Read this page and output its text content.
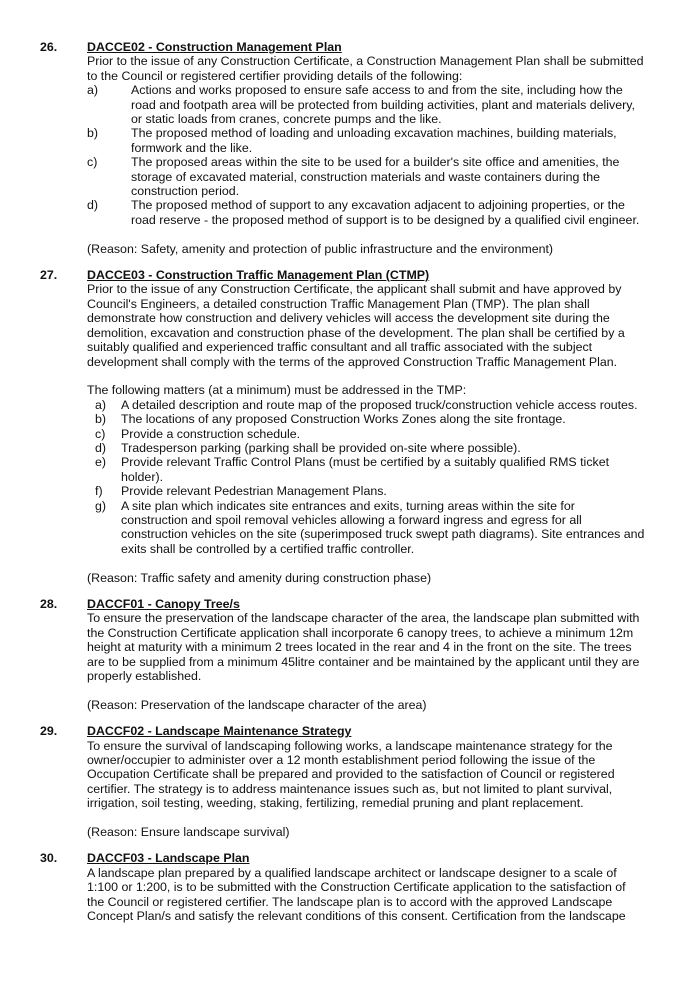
26. DACCE02 - Construction Management Plan

Prior to the issue of any Construction Certificate, a Construction Management Plan shall be submitted to the Council or registered certifier providing details of the following:

a)	Actions and works proposed to ensure safe access to and from the site, including how the road and footpath area will be protected from building activities, plant and materials delivery, or static loads from cranes, concrete pumps and the like.
b)	The proposed method of loading and unloading excavation machines, building materials, formwork and the like.
c)	The proposed areas within the site to be used for a builder's site office and amenities, the storage of excavated material, construction materials and waste containers during the construction period.
d)	The proposed method of support to any excavation adjacent to adjoining properties, or the road reserve - the proposed method of support is to be designed by a qualified civil engineer.

(Reason: Safety, amenity and protection of public infrastructure and the environment)

27. DACCE03 - Construction Traffic Management Plan (CTMP)

Prior to the issue of any Construction Certificate, the applicant shall submit and have approved by Council's Engineers, a detailed construction Traffic Management Plan (TMP). The plan shall demonstrate how construction and delivery vehicles will access the development site during the demolition, excavation and construction phase of the development. The plan shall be certified by a suitably qualified and experienced traffic consultant and all traffic associated with the subject development shall comply with the terms of the approved Construction Traffic Management Plan.

The following matters (at a minimum) must be addressed in the TMP:

a) A detailed description and route map of the proposed truck/construction vehicle access routes.
b) The locations of any proposed Construction Works Zones along the site frontage.
c) Provide a construction schedule.
d) Tradesperson parking (parking shall be provided on-site where possible).
e) Provide relevant Traffic Control Plans (must be certified by a suitably qualified RMS ticket holder).
f) Provide relevant Pedestrian Management Plans.
g) A site plan which indicates site entrances and exits, turning areas within the site for construction and spoil removal vehicles allowing a forward ingress and egress for all construction vehicles on the site (superimposed truck swept path diagrams). Site entrances and exits shall be controlled by a certified traffic controller.

(Reason: Traffic safety and amenity during construction phase)

28. DACCF01 - Canopy Tree/s

To ensure the preservation of the landscape character of the area, the landscape plan submitted with the Construction Certificate application shall incorporate 6 canopy trees, to achieve a minimum 12m height at maturity with a minimum 2 trees located in the rear and 4 in the front on the site. The trees are to be supplied from a minimum 45litre container and be maintained by the applicant until they are properly established.

(Reason: Preservation of the landscape character of the area)

29. DACCF02 - Landscape Maintenance Strategy

To ensure the survival of landscaping following works, a landscape maintenance strategy for the owner/occupier to administer over a 12 month establishment period following the issue of the Occupation Certificate shall be prepared and provided to the satisfaction of Council or registered certifier. The strategy is to address maintenance issues such as, but not limited to plant survival, irrigation, soil testing, weeding, staking, fertilizing, remedial pruning and plant replacement.

(Reason: Ensure landscape survival)

30. DACCF03 - Landscape Plan

A landscape plan prepared by a qualified landscape architect or landscape designer to a scale of 1:100 or 1:200, is to be submitted with the Construction Certificate application to the satisfaction of the Council or registered certifier. The landscape plan is to accord with the approved Landscape Concept Plan/s and satisfy the relevant conditions of this consent. Certification from the landscape
